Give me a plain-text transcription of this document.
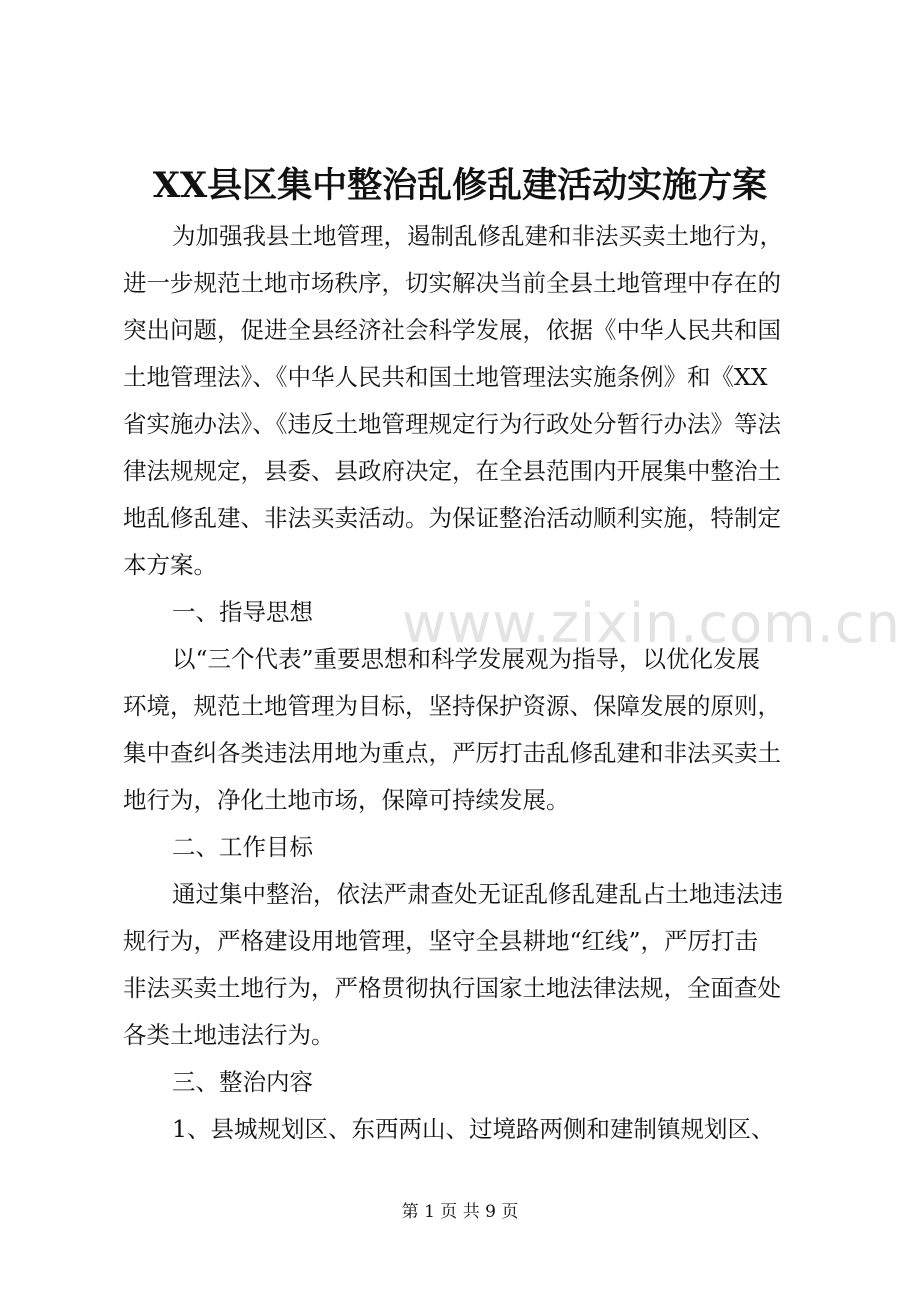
www.zixin.com.cn
XX县区集中整治乱修乱建活动实施方案
为加强我县土地管理，遏制乱修乱建和非法买卖土地行为，
进一步规范土地市场秩序，切实解决当前全县土地管理中存在的
突出问题，促进全县经济社会科学发展，依据《中华人民共和国
土地管理法》、《中华人民共和国土地管理法实施条例》和《XX
省实施办法》、《违反土地管理规定行为行政处分暂行办法》等法
律法规规定，县委、县政府决定，在全县范围内开展集中整治土
地乱修乱建、非法买卖活动。为保证整治活动顺利实施，特制定
本方案。
一、指导思想
以“三个代表”重要思想和科学发展观为指导，以优化发展
环境，规范土地管理为目标，坚持保护资源、保障发展的原则，
集中查纠各类违法用地为重点，严厉打击乱修乱建和非法买卖土
地行为，净化土地市场，保障可持续发展。
二、工作目标
通过集中整治，依法严肃查处无证乱修乱建乱占土地违法违
规行为，严格建设用地管理，坚守全县耕地“红线”，严厉打击
非法买卖土地行为，严格贯彻执行国家土地法律法规，全面查处
各类土地违法行为。
三、整治内容
1、县城规划区、东西两山、过境路两侧和建制镇规划区、
第 1 页 共 9 页
